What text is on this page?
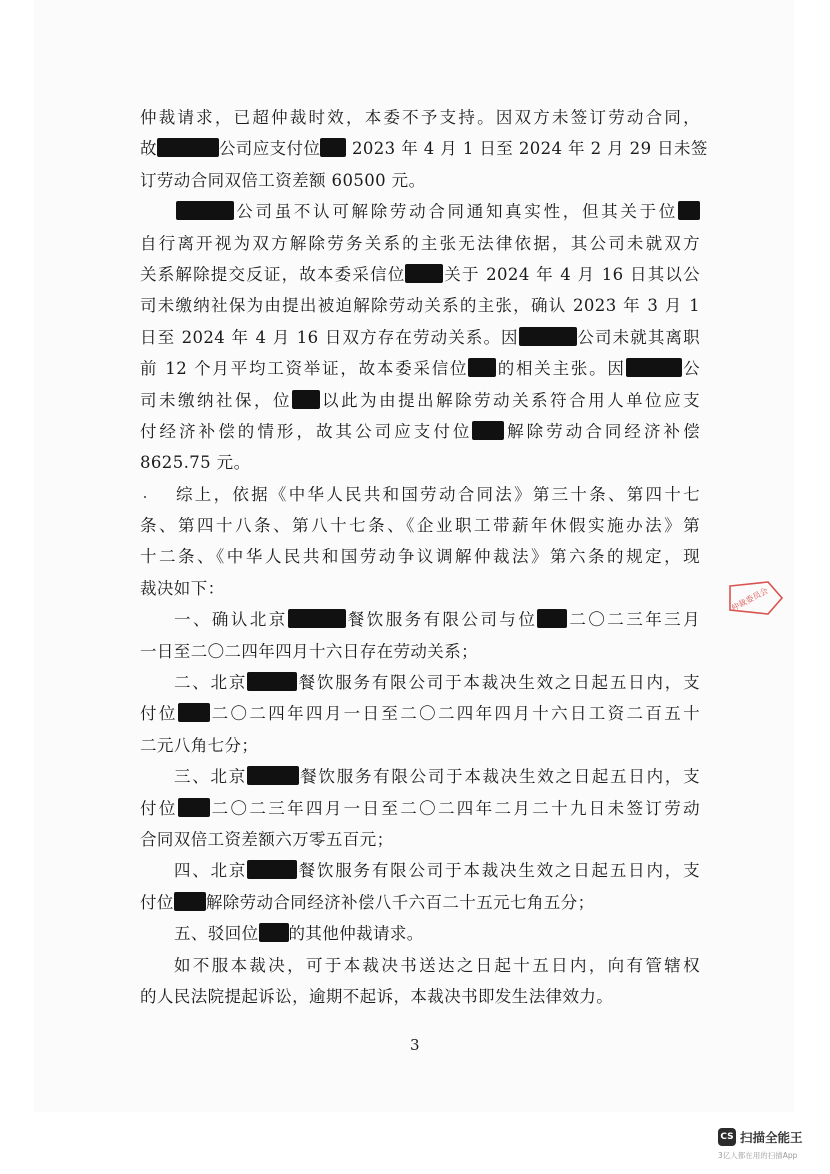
仲裁请求，已超仲裁时效，本委不予支持。因双方未签订劳动合同，
故	公司应支付位 2023 年 4 月 1 日至 2024 年 2 月 29 日未签
订劳动合同双倍工资差额 60500 元。
公司虽不认可解除劳动合同通知真实性，但其关于位
自行离开视为双方解除劳务关系的主张无法律依据，其公司未就双方
关系解除提交反证，故本委采信位 关于 2024 年 4 月 16 日其以公
司未缴纳社保为由提出被迫解除劳动关系的主张，确认 2023 年 3 月 1
日至 2024 年 4 月 16 日双方存在劳动关系。因	公司未就其离职
前 12 个月平均工资举证，故本委采信位 的相关主张。因	公
司未缴纳社保，位 以此为由提出解除劳动关系符合用人单位应支
付经济补偿的情形，故其公司应支付位 解除劳动合同经济补偿
8625.75 元。
综上，依据《中华人民共和国劳动合同法》第三十条、第四十七
条、第四十八条、第八十七条、《企业职工带薪年休假实施办法》第
十二条、《中华人民共和国劳动争议调解仲裁法》第六条的规定，现
裁决如下：
一、确认北京	餐饮服务有限公司与位 二〇二三年三月
一日至二〇二四年四月十六日存在劳动关系；
二、北京	餐饮服务有限公司于本裁决生效之日起五日内，支
付位 二〇二四年四月一日至二〇二四年四月十六日工资二百五十
二元八角七分；
三、北京	餐饮服务有限公司于本裁决生效之日起五日内，支
付位 二〇二三年四月一日至二〇二四年二月二十九日未签订劳动
合同双倍工资差额六万零五百元；
四、北京	餐饮服务有限公司于本裁决生效之日起五日内，支
付位 解除劳动合同经济补偿八千六百二十五元七角五分；
五、驳回位 的其他仲裁请求。
如不服本裁决，可于本裁决书送达之日起十五日内，向有管辖权
的人民法院提起诉讼，逾期不起诉，本裁决书即发生法律效力。
3
仲裁委员会
CS 扫描全能王
3亿人都在用的扫描App
